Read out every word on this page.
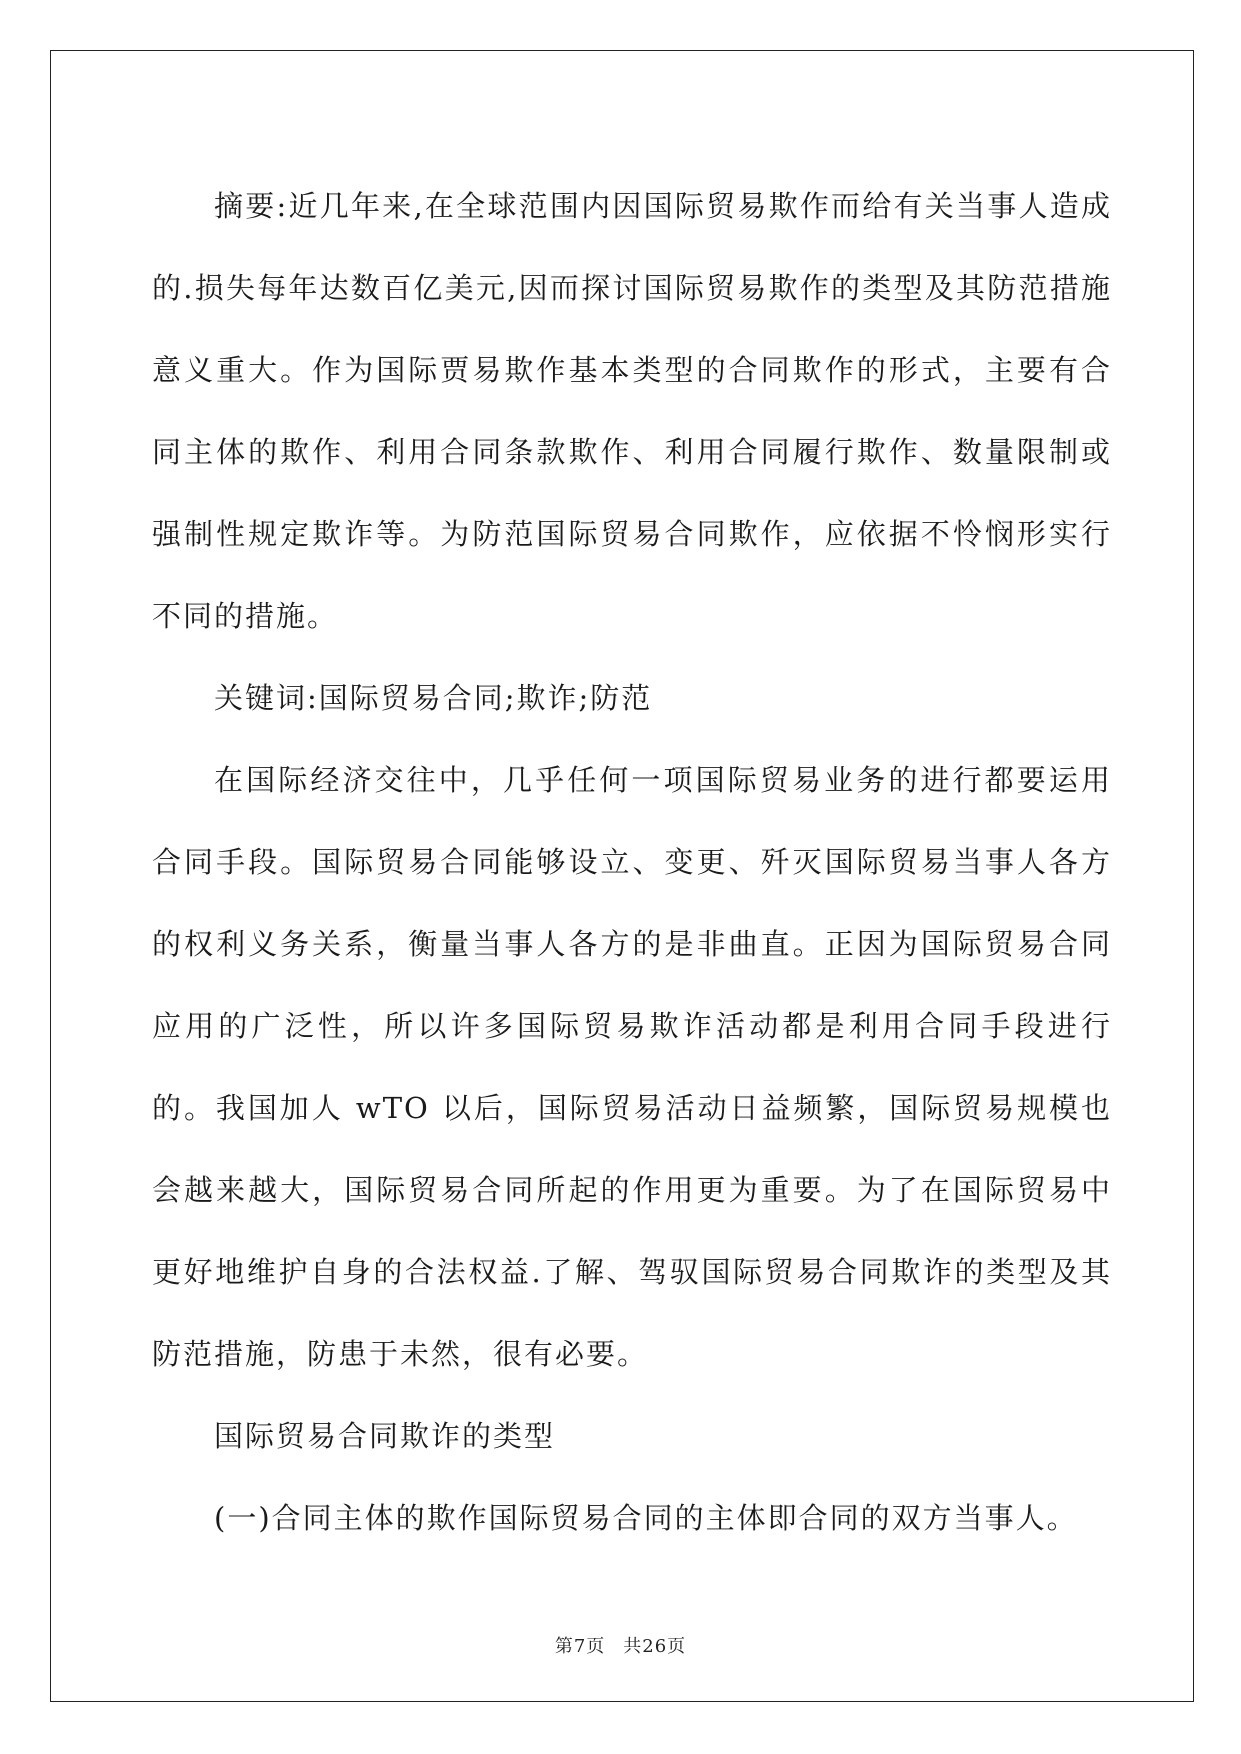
摘要:近几年来,在全球范围内因国际贸易欺作而给有关当事人造成的.损失每年达数百亿美元,因而探讨国际贸易欺作的类型及其防范措施意义重大。作为国际贾易欺作基本类型的合同欺作的形式，主要有合同主体的欺作、利用合同条款欺作、利用合同履行欺作、数量限制或强制性规定欺诈等。为防范国际贸易合同欺作，应依据不怜悯形实行不同的措施。

关键词:国际贸易合同;欺诈;防范

在国际经济交往中，几乎任何一项国际贸易业务的进行都要运用合同手段。国际贸易合同能够设立、变更、歼灭国际贸易当事人各方的权利义务关系，衡量当事人各方的是非曲直。正因为国际贸易合同应用的广泛性，所以许多国际贸易欺诈活动都是利用合同手段进行的。我国加人 wTO 以后，国际贸易活动日益频繁，国际贸易规模也会越来越大，国际贸易合同所起的作用更为重要。为了在国际贸易中更好地维护自身的合法权益.了解、驾驭国际贸易合同欺诈的类型及其防范措施，防患于未然，很有必要。

国际贸易合同欺诈的类型

(一)合同主体的欺作国际贸易合同的主体即合同的双方当事人。

第7页 共26页
